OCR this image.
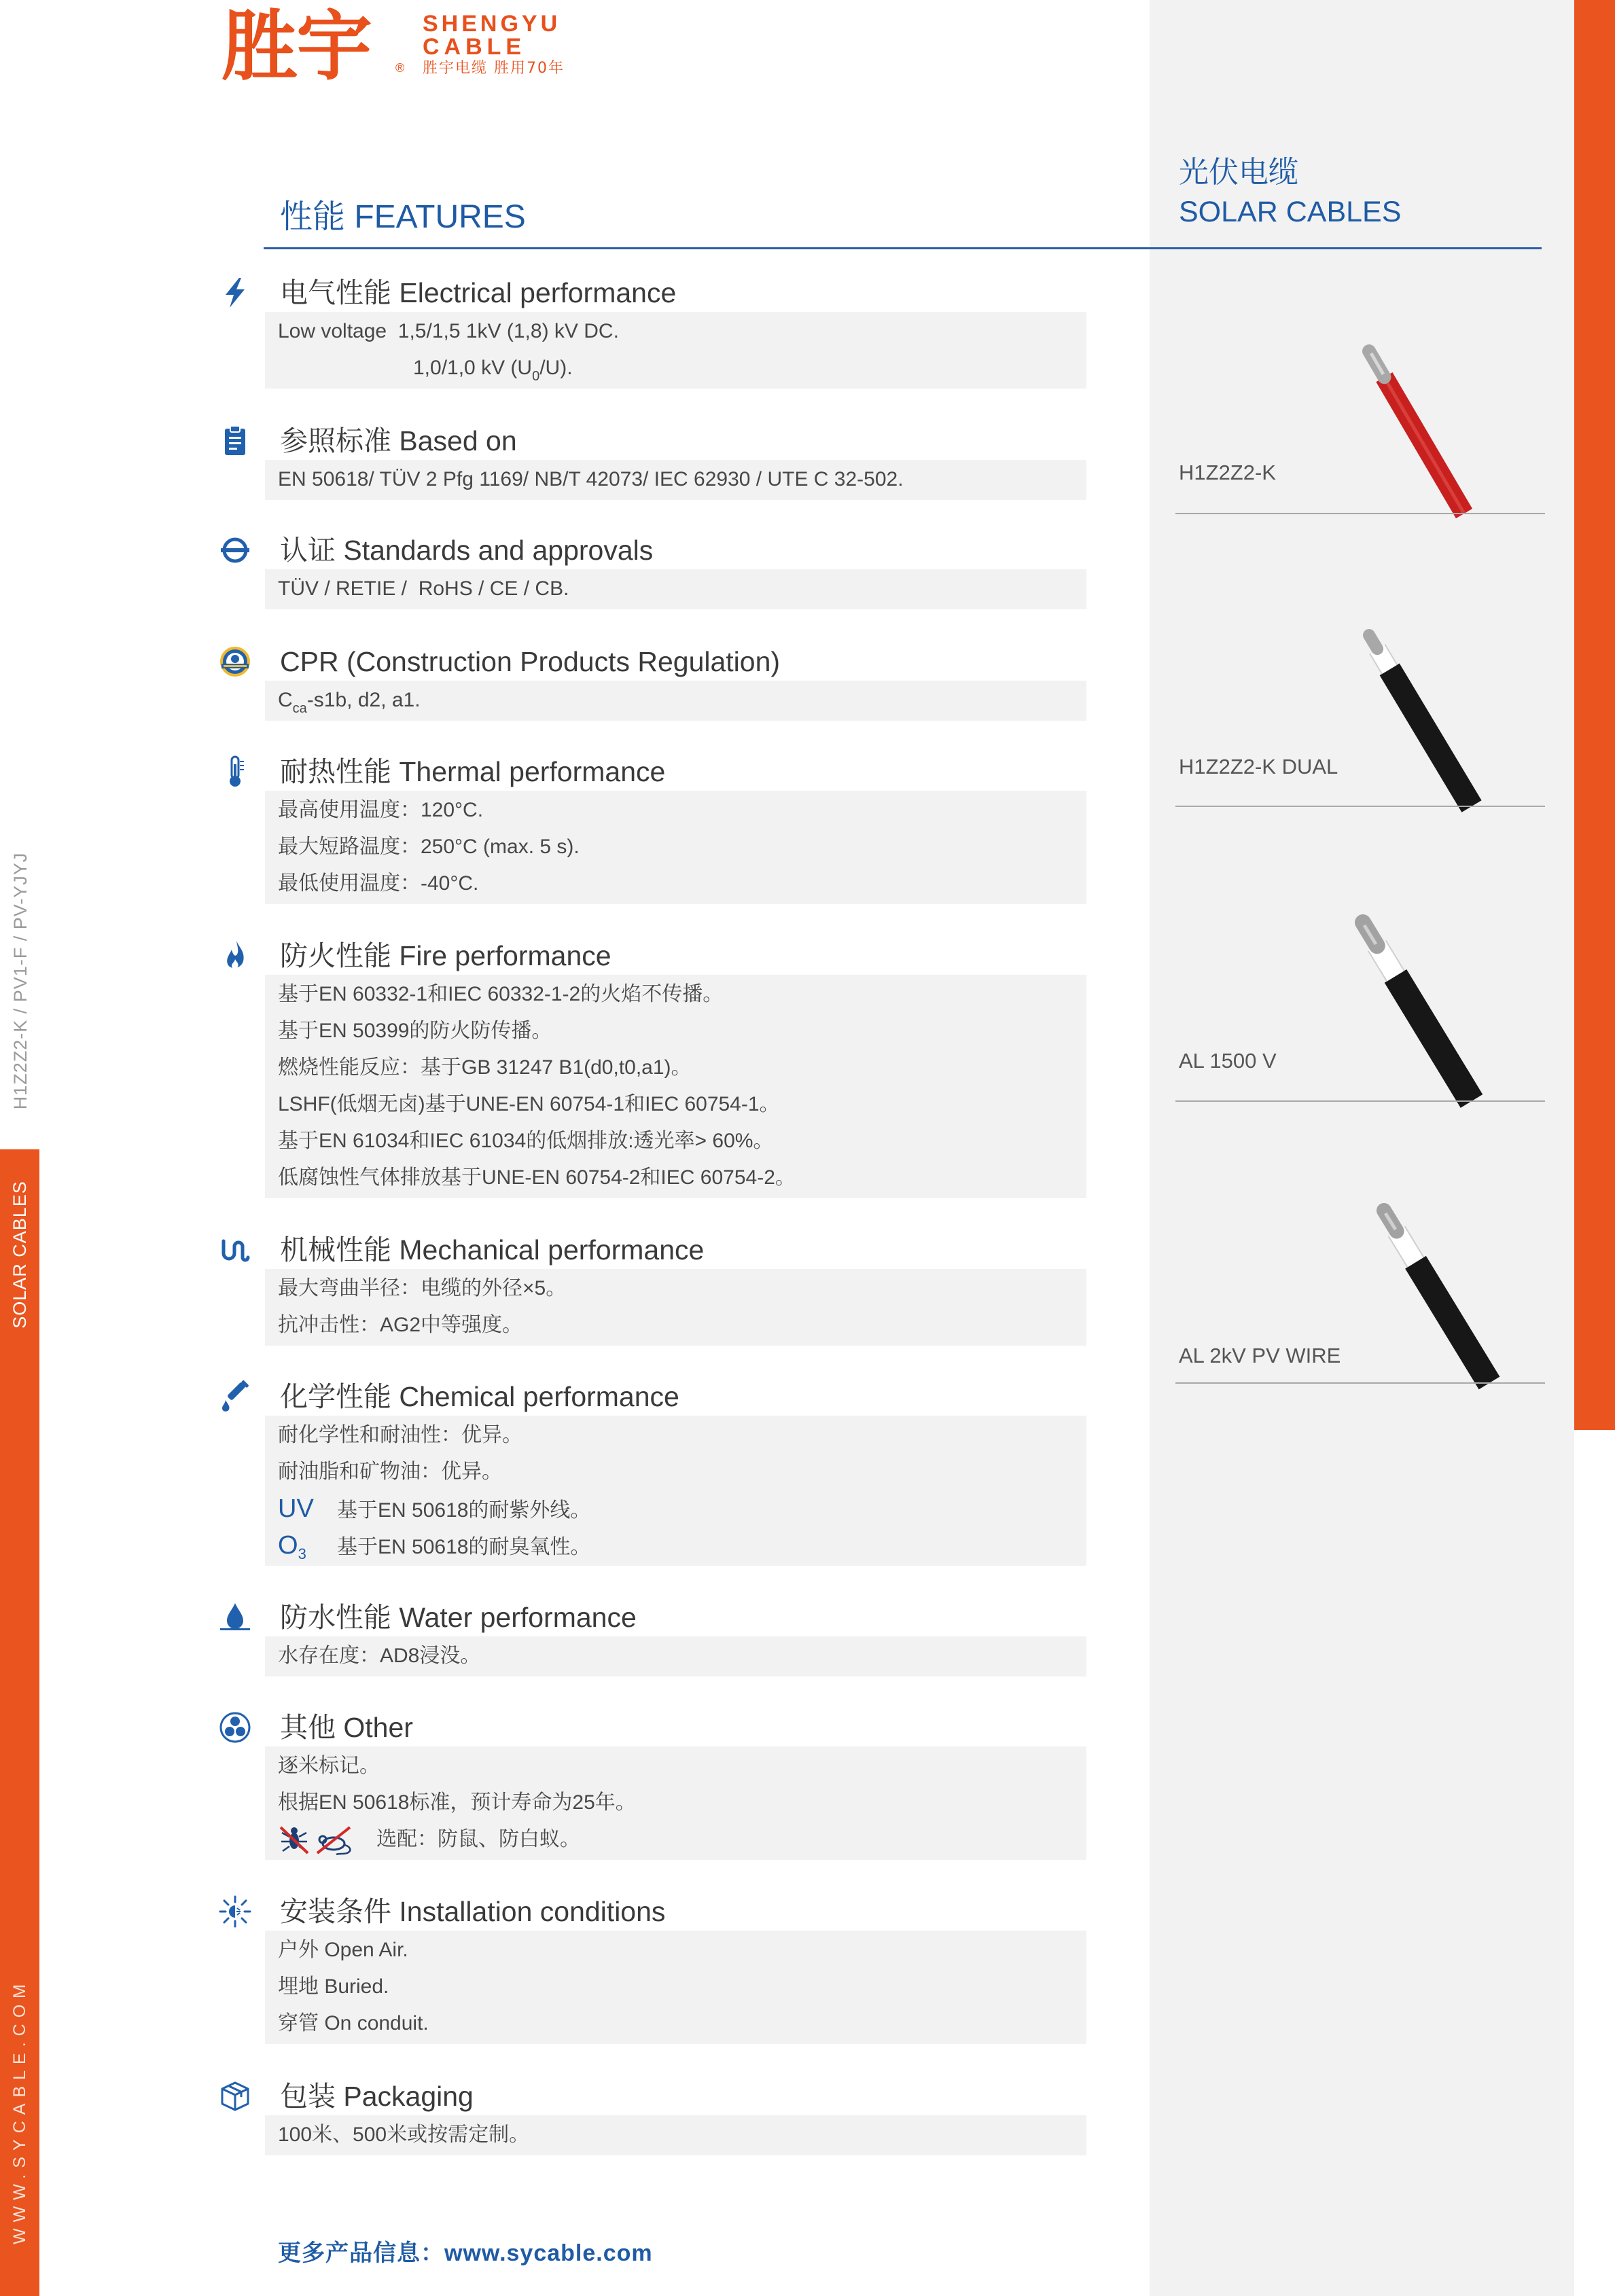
H1Z2Z2-K / PV1-F / PV-YJYJ
SOLAR CABLES
WWW.SYCABLE.COM
胜宇 ®
SHENGYU
CABLE
胜宇电缆 胜用70年
性能 FEATURES
光伏电缆
SOLAR CABLES
电气性能 Electrical performance
Low voltage  1,5/1,5 1kV (1,8) kV DC.
1,0/1,0 kV $(U_0/U)$.
参照标准 Based on
EN 50618/ TÜV 2 Pfg 1169/ NB/T 42073/ IEC 62930 / UTE C 32-502.
认证 Standards and approvals
TÜV / RETIE /  RoHS / CE / CB.
CPR (Construction Products Regulation)
$C_{ca}-s1b$, d2, a1.
耐热性能 Thermal performance
最高使用温度：120°C.
最大短路温度：250°C (max. 5 s).
最低使用温度：-40°C.
防火性能 Fire performance
基于EN 60332-1和IEC 60332-1-2的火焰不传播。
基于EN 50399的防火防传播。
燃烧性能反应：基于GB 31247 B1(d0,t0,a1)。
LSHF(低烟无卤)基于UNE-EN 60754-1和IEC 60754-1。
基于EN 61034和IEC 61034的低烟排放:透光率> 60%。
低腐蚀性气体排放基于UNE-EN 60754-2和IEC 60754-2。
机械性能 Mechanical performance
最大弯曲半径：电缆的外径×5。
抗冲击性：AG2中等强度。
化学性能 Chemical performance
耐化学性和耐油性：优异。
耐油脂和矿物油：优异。
UV 基于EN 50618的耐紫外线。
$O_3$ 基于EN 50618的耐臭氧性。
防水性能 Water performance
水存在度：AD8浸没。
其他 Other
逐米标记。
根据EN 50618标准，预计寿命为25年。
选配：防鼠、防白蚁。
安装条件 Installation conditions
户外 Open Air.
埋地 Buried.
穿管 On conduit.
包装 Packaging
100米、500米或按需定制。
H1Z2Z2-K
H1Z2Z2-K DUAL
AL 1500 V
AL 2kV PV WIRE
更多产品信息：www.sycable.com
